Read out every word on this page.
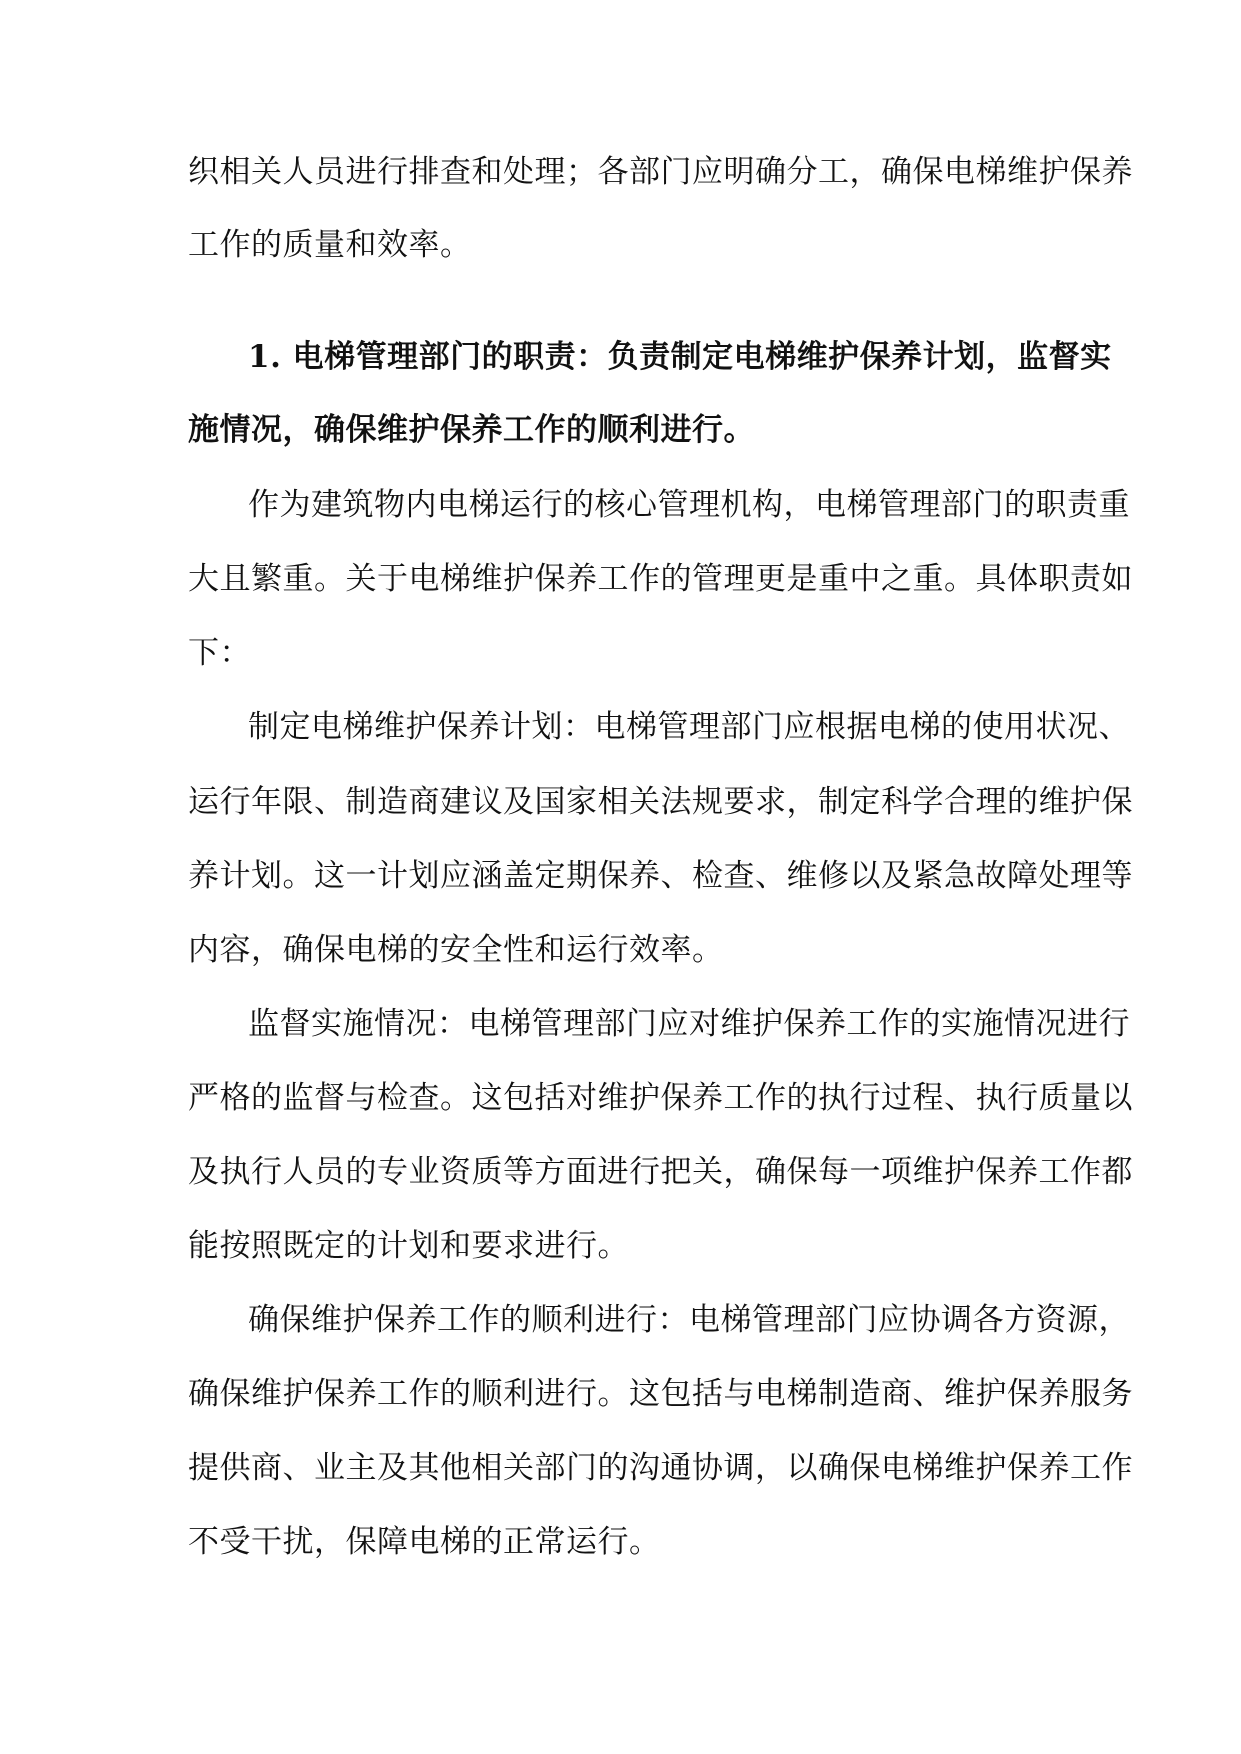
织相关人员进行排查和处理；各部门应明确分工，确保电梯维护保养
工作的质量和效率。
1. 电梯管理部门的职责：负责制定电梯维护保养计划，监督实
施情况，确保维护保养工作的顺利进行。
作为建筑物内电梯运行的核心管理机构，电梯管理部门的职责重
大且繁重。关于电梯维护保养工作的管理更是重中之重。具体职责如
下：
制定电梯维护保养计划：电梯管理部门应根据电梯的使用状况、
运行年限、制造商建议及国家相关法规要求，制定科学合理的维护保
养计划。这一计划应涵盖定期保养、检查、维修以及紧急故障处理等
内容，确保电梯的安全性和运行效率。
监督实施情况：电梯管理部门应对维护保养工作的实施情况进行
严格的监督与检查。这包括对维护保养工作的执行过程、执行质量以
及执行人员的专业资质等方面进行把关，确保每一项维护保养工作都
能按照既定的计划和要求进行。
确保维护保养工作的顺利进行：电梯管理部门应协调各方资源，
确保维护保养工作的顺利进行。这包括与电梯制造商、维护保养服务
提供商、业主及其他相关部门的沟通协调，以确保电梯维护保养工作
不受干扰，保障电梯的正常运行。
